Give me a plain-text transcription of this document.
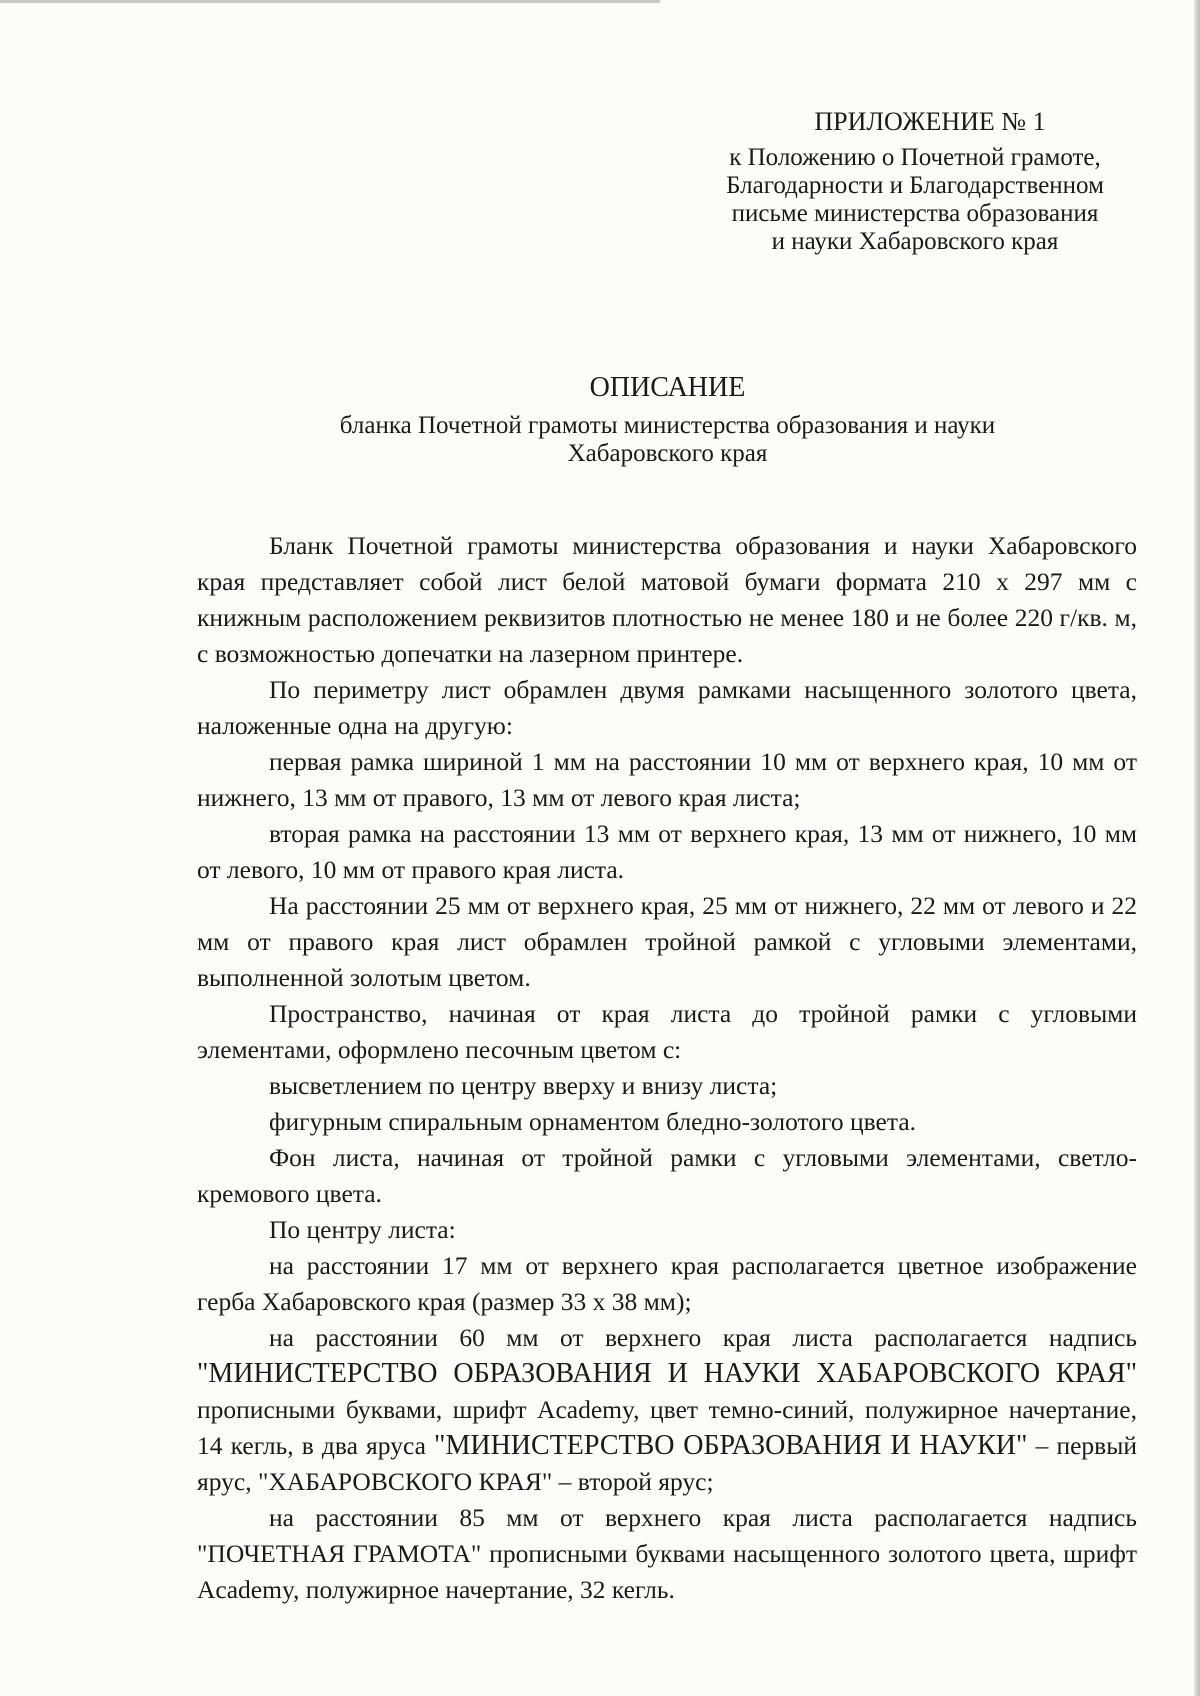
ПРИЛОЖЕНИЕ № 1
к Положению о Почетной грамоте,
Благодарности и Благодарственном
письме министерства образования
и науки Хабаровского края
ОПИСАНИЕ
бланка Почетной грамоты министерства образования и науки
Хабаровского края

Бланк Почетной грамоты министерства образования и науки Хабаровского края представляет собой лист белой матовой бумаги формата 210 х 297 мм с книжным расположением реквизитов плотностью не менее 180 и не более 220 г/кв. м, с возможностью допечатки на лазерном принтере.

По периметру лист обрамлен двумя рамками насыщенного золотого цвета, наложенные одна на другую:

первая рамка шириной 1 мм на расстоянии 10 мм от верхнего края, 10 мм от нижнего, 13 мм от правого, 13 мм от левого края листа;

вторая рамка на расстоянии 13 мм от верхнего края, 13 мм от нижнего, 10 мм от левого, 10 мм от правого края листа.

На расстоянии 25 мм от верхнего края, 25 мм от нижнего, 22 мм от левого и 22 мм от правого края лист обрамлен тройной рамкой с угловыми элементами, выполненной золотым цветом.

Пространство, начиная от края листа до тройной рамки с угловыми элементами, оформлено песочным цветом с:

высветлением по центру вверху и внизу листа;

фигурным спиральным орнаментом бледно-золотого цвета.

Фон листа, начиная от тройной рамки с угловыми элементами, светло-кремового цвета.

По центру листа:

на расстоянии 17 мм от верхнего края располагается цветное изображение герба Хабаровского края (размер 33 х 38 мм);

на расстоянии 60 мм от верхнего края листа располагается надпись "МИНИСТЕРСТВО ОБРАЗОВАНИЯ И НАУКИ ХАБАРОВСКОГО КРАЯ" прописными буквами, шрифт Academy, цвет темно-синий, полужирное начертание, 14 кегль, в два яруса "МИНИСТЕРСТВО ОБРАЗОВАНИЯ И НАУКИ" – первый ярус, "ХАБАРОВСКОГО КРАЯ" – второй ярус;

на расстоянии 85 мм от верхнего края листа располагается надпись "ПОЧЕТНАЯ ГРАМОТА" прописными буквами насыщенного золотого цвета, шрифт Academy, полужирное начертание, 32 кегль.
